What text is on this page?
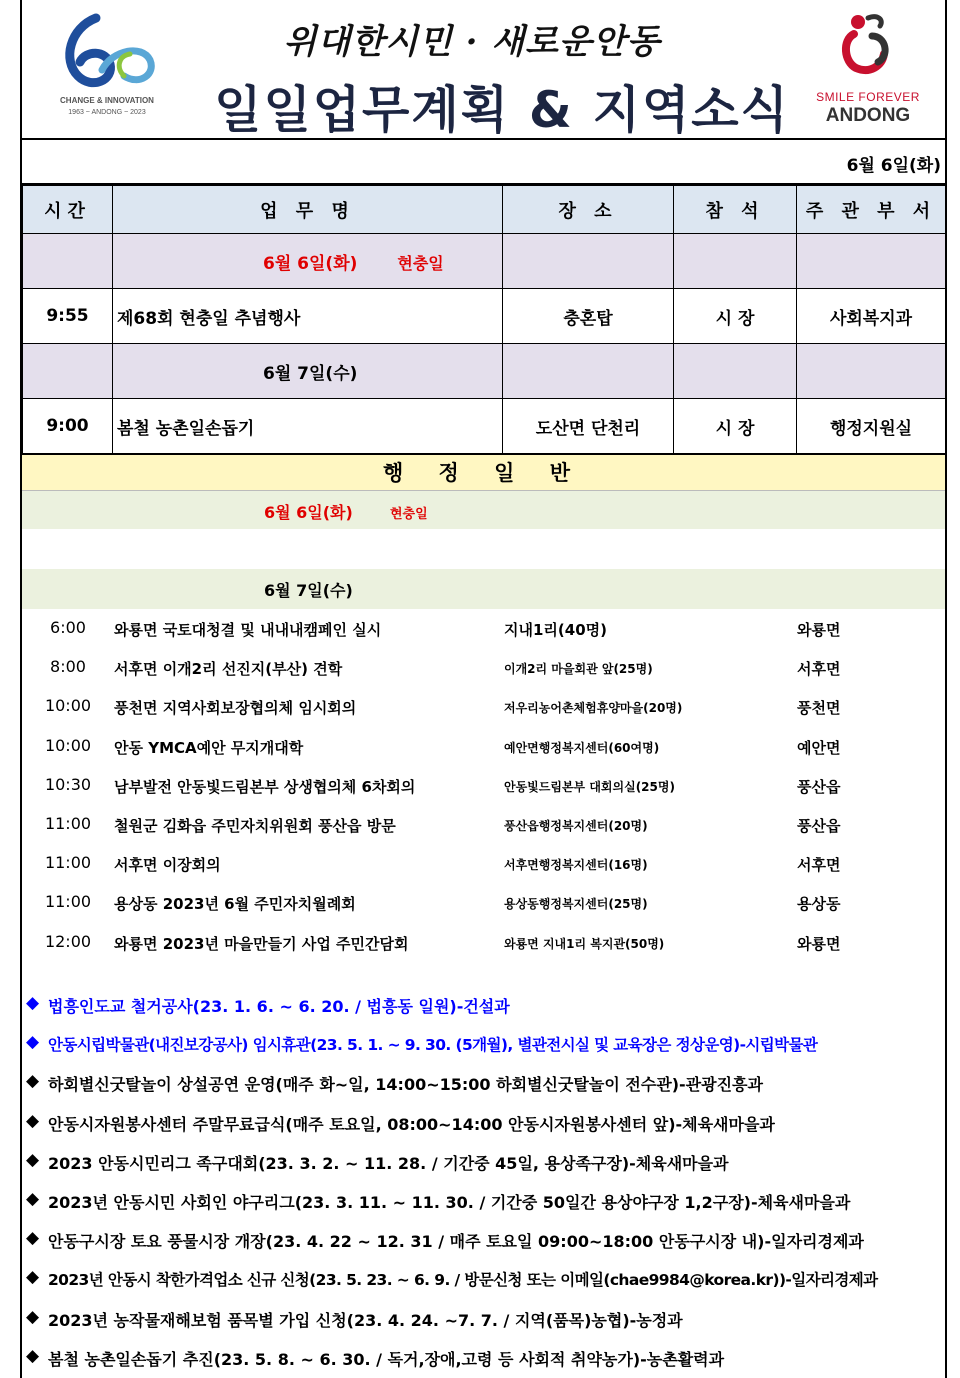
CHANGE & INNOVATION
1963 ~ ANDONG ~ 2023
위대한시민 · 새로운안동
일일업무계획 & 지역소식	SMILE FOREVER
ANDONG
6월 6일(화)
시간	업 무 명	장 소	참 석	주 관 부 서
	6월 6일(화) 현충일			
9:55	제68회 현충일 추념행사	충혼탑	시 장	사회복지과
	6월 7일(수)			
9:00	봄철 농촌일손돕기	도산면 단천리	시 장	행정지원실
행 정 일 반
6월 6일(화)	현충일
6월 7일(수)
6:00	와룡면 국토대청결 및 내내내캠페인 실시	지내1리(40명)	와룡면
8:00	서후면 이개2리 선진지(부산) 견학	이개2리 마을회관 앞(25명)	서후면
10:00	풍천면 지역사회보장협의체 임시회의	저우리농어촌체험휴양마을(20명)	풍천면
10:00	안동 YMCA예안 무지개대학	예안면행정복지센터(60여명)	예안면
10:30	남부발전 안동빛드림본부 상생협의체 6차회의	안동빛드림본부 대회의실(25명)	풍산읍
11:00	철원군 김화읍 주민자치위원회 풍산읍 방문	풍산읍행정복지센터(20명)	풍산읍
11:00	서후면 이장회의	서후면행정복지센터(16명)	서후면
11:00	용상동 2023년 6월 주민자치월례회	용상동행정복지센터(25명)	용상동
12:00	와룡면 2023년 마을만들기 사업 주민간담회	와룡면 지내1리 복지관(50명)	와룡면
◆ 법흥인도교 철거공사(23. 1. 6. ~ 6. 20. / 법흥동 일원)-건설과
◆ 안동시립박물관(내진보강공사) 임시휴관(23. 5. 1. ~ 9. 30. (5개월), 별관전시실 및 교육장은 정상운영)-시립박물관
◆ 하회별신굿탈놀이 상설공연 운영(매주 화~일, 14:00~15:00 하회별신굿탈놀이 전수관)-관광진흥과
◆ 안동시자원봉사센터 주말무료급식(매주 토요일, 08:00~14:00 안동시자원봉사센터 앞)-체육새마을과
◆ 2023 안동시민리그 족구대회(23. 3. 2. ~ 11. 28. / 기간중 45일, 용상족구장)-체육새마을과
◆ 2023년 안동시민 사회인 야구리그(23. 3. 11. ~ 11. 30. / 기간중 50일간 용상야구장 1,2구장)-체육새마을과
◆ 안동구시장 토요 풍물시장 개장(23. 4. 22 ~ 12. 31 / 매주 토요일 09:00~18:00 안동구시장 내)-일자리경제과
◆ 2023년 안동시 착한가격업소 신규 신청(23. 5. 23. ~ 6. 9. / 방문신청 또는 이메일(chae9984@korea.kr))-일자리경제과
◆ 2023년 농작물재해보험 품목별 가입 신청(23. 4. 24. ~7. 7. / 지역(품목)농협)-농정과
◆ 봄철 농촌일손돕기 추진(23. 5. 8. ~ 6. 30. / 독거,장애,고령 등 사회적 취약농가)-농촌활력과
